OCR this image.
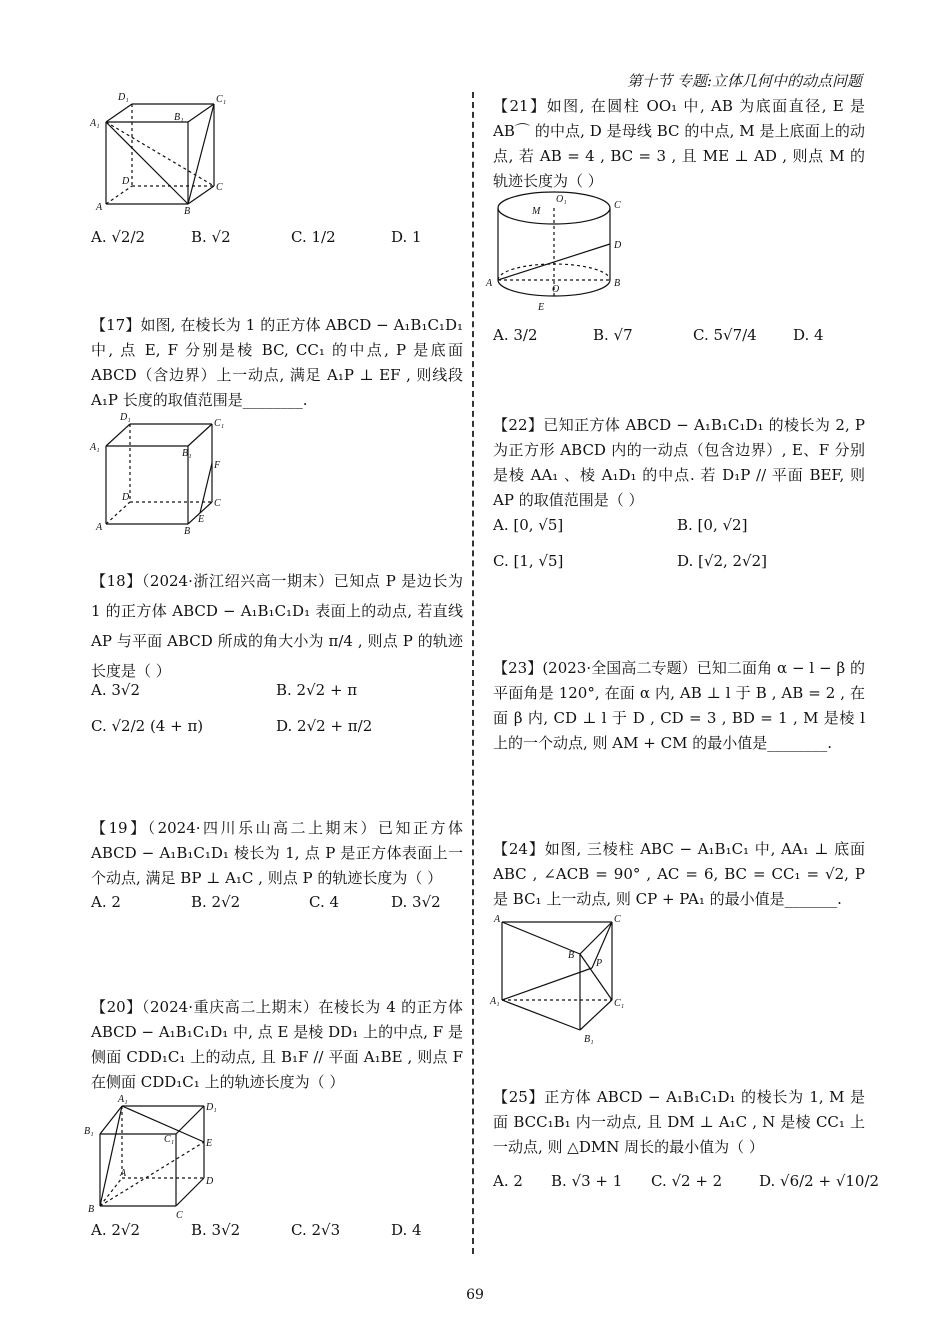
第十节 专题:立体几何中的动点问题
D₁	C₁
A₁
B₁
D
C
A	B
A. √2/2	B. √2	C. 1/2	D. 1

【17】如图, 在棱长为 1 的正方体 ABCD − A₁B₁C₁D₁ 中, 点 E, F 分别是棱 BC, CC₁ 的中点, P 是底面 ABCD（含边界）上一动点, 满足 A₁P ⊥ EF , 则线段 A₁P 长度的取值范围是________.

D₁
C₁
A₁
B₁
F
D
C
A
E
B

【18】（2024·浙江绍兴高一期末）已知点 P 是边长为 1 的正方体 ABCD − A₁B₁C₁D₁ 表面上的动点, 若直线 AP 与平面 ABCD 所成的角大小为 π/4 , 则点 P 的轨迹长度是（ ）

A. 3√2	B. 2√2 + π
C. √2/2 (4 + π)	D. 2√2 + π/2

【19】（2024·四川乐山高二上期末）已知正方体 ABCD − A₁B₁C₁D₁ 棱长为 1, 点 P 是正方体表面上一个动点, 满足 BP ⊥ A₁C , 则点 P 的轨迹长度为（ ）

A. 2	B. 2√2	C. 4	D. 3√2

【20】（2024·重庆高二上期末）在棱长为 4 的正方体 ABCD − A₁B₁C₁D₁ 中, 点 E 是棱 DD₁ 上的中点, F 是侧面 CDD₁C₁ 上的动点, 且 B₁F // 平面 A₁BE , 则点 F 在侧面 CDD₁C₁ 上的轨迹长度为（ ）

A₁
D₁
B₁
C₁	E
A
D
B
C
A. 2√2	B. 3√2	C. 2√3	D. 4

【21】如图, 在圆柱 OO₁ 中, AB 为底面直径, E 是 AB⌒ 的中点, D 是母线 BC 的中点, M 是上底面上的动点, 若 AB = 4 , BC = 3 , 且 ME ⊥ AD , 则点 M 的轨迹长度为（ ）

O₁
M
C
D
A
O
B
E
A. 3/2	B. √7	C. 5√7/4 D. 4

【22】已知正方体 ABCD − A₁B₁C₁D₁ 的棱长为 2, P 为正方形 ABCD 内的一动点（包含边界）, E、F 分别是棱 AA₁ 、棱 A₁D₁ 的中点. 若 D₁P // 平面 BEF, 则 AP 的取值范围是（ ）

A. [0, √5]	B. [0, √2]
C. [1, √5]	D. [√2, 2√2]

【23】(2023·全国高二专题）已知二面角 α − l − β 的平面角是 120°, 在面 α 内, AB ⊥ l 于 B , AB = 2 , 在面 β 内, CD ⊥ l 于 D , CD = 3 , BD = 1 , M 是棱 l 上的一个动点, 则 AM + CM 的最小值是________.

【24】如图, 三棱柱 ABC − A₁B₁C₁ 中, AA₁ ⊥ 底面 ABC , ∠ACB = 90° , AC = 6, BC = CC₁ = √2, P 是 BC₁ 上一动点, 则 CP + PA₁ 的最小值是_______.

A	C
B
P
A₁	C₁
B₁

【25】正方体 ABCD − A₁B₁C₁D₁ 的棱长为 1, M 是面 BCC₁B₁ 内一动点, 且 DM ⊥ A₁C , N 是棱 CC₁ 上一动点, 则 △DMN 周长的最小值为（ ）

A. 2 B. √3 + 1 C. √2 + 2 D. √6/2 + √10/2
69
